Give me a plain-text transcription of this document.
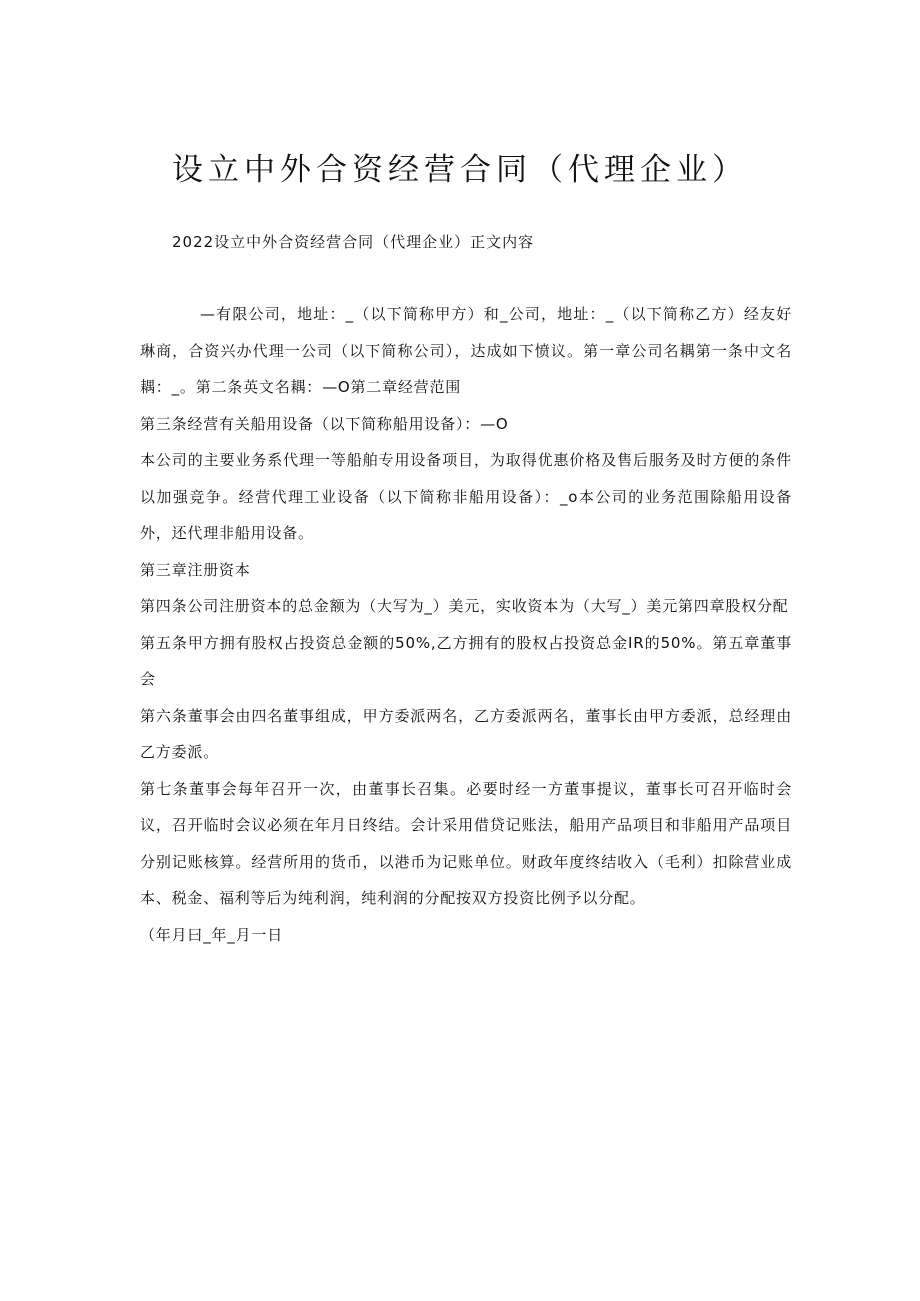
设立中外合资经营合同（代理企业）

2022设立中外合资经营合同（代理企业）正文内容

—有限公司，地址：_（以下简称甲方）和_公司，地址：_（以下简称乙方）经友好琳商，合资兴办代理一公司（以下简称公司），达成如下愤议。第一章公司名耦第一条中文名耦：_。第二条英文名耦：—O第二章经营范围

第三条经营有关船用设备（以下简称船用设备）：—O

本公司的主要业务系代理一等船舶专用设备项目，为取得优惠价格及售后服务及时方便的条件以加强竞争。经营代理工业设备（以下简称非船用设备）：_o本公司的业务范围除船用设备外，还代理非船用设备。

第三章注册资本

第四条公司注册资本的总金额为（大写为_）美元，实收资本为（大写_）美元第四章股权分配

第五条甲方拥有股权占投资总金额的50%,乙方拥有的股权占投资总金IR的50%。第五章董事会

第六条董事会由四名董事组成，甲方委派两名，乙方委派两名，董事长由甲方委派，总经理由乙方委派。

第七条董事会每年召开一次，由董事长召集。必要时经一方董事提议，董事长可召开临时会议，召开临时会议必须在年月日终结。会计采用借贷记账法，船用产品项目和非船用产品项目分别记账核算。经营所用的货币，以港币为记账单位。财政年度终结收入（毛利）扣除营业成本、税金、福利等后为纯利润，纯利润的分配按双方投资比例予以分配。

（年月曰_年_月一日
